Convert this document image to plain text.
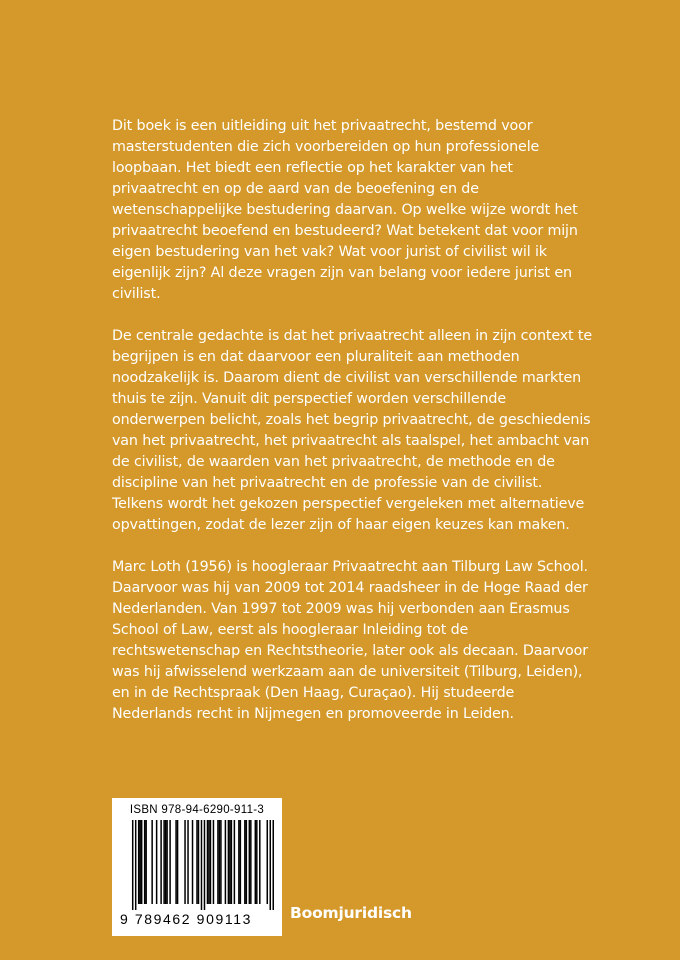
Dit boek is een uitleiding uit het privaatrecht, bestemd voor masterstudenten die zich voorbereiden op hun professionele loopbaan. Het biedt een reflectie op het karakter van het privaatrecht en op de aard van de beoefening en de wetenschappelijke bestudering daarvan. Op welke wijze wordt het privaatrecht beoefend en bestudeerd? Wat betekent dat voor mijn eigen bestudering van het vak? Wat voor jurist of civilist wil ik eigenlijk zijn? Al deze vragen zijn van belang voor iedere jurist en civilist.

De centrale gedachte is dat het privaatrecht alleen in zijn context te begrijpen is en dat daarvoor een pluraliteit aan methoden noodzakelijk is. Daarom dient de civilist van verschillende markten thuis te zijn. Vanuit dit perspectief worden verschillende onderwerpen belicht, zoals het begrip privaatrecht, de geschiedenis van het privaatrecht, het privaatrecht als taalspel, het ambacht van de civilist, de waarden van het privaatrecht, de methode en de discipline van het privaatrecht en de professie van de civilist. Telkens wordt het gekozen perspectief vergeleken met alternatieve opvattingen, zodat de lezer zijn of haar eigen keuzes kan maken.

Marc Loth (1956) is hoogleraar Privaatrecht aan Tilburg Law School. Daarvoor was hij van 2009 tot 2014 raadsheer in de Hoge Raad der Nederlanden. Van 1997 tot 2009 was hij verbonden aan Erasmus School of Law, eerst als hoogleraar Inleiding tot de rechtswetenschap en Rechtstheorie, later ook als decaan. Daarvoor was hij afwisselend werkzaam aan de universiteit (Tilburg, Leiden), en in de Rechtspraak (Den Haag, Curaçao). Hij studeerde Nederlands recht in Nijmegen en promoveerde in Leiden.

ISBN 978-94-6290-911-3
9 789462 909113	Boomjuridisch
